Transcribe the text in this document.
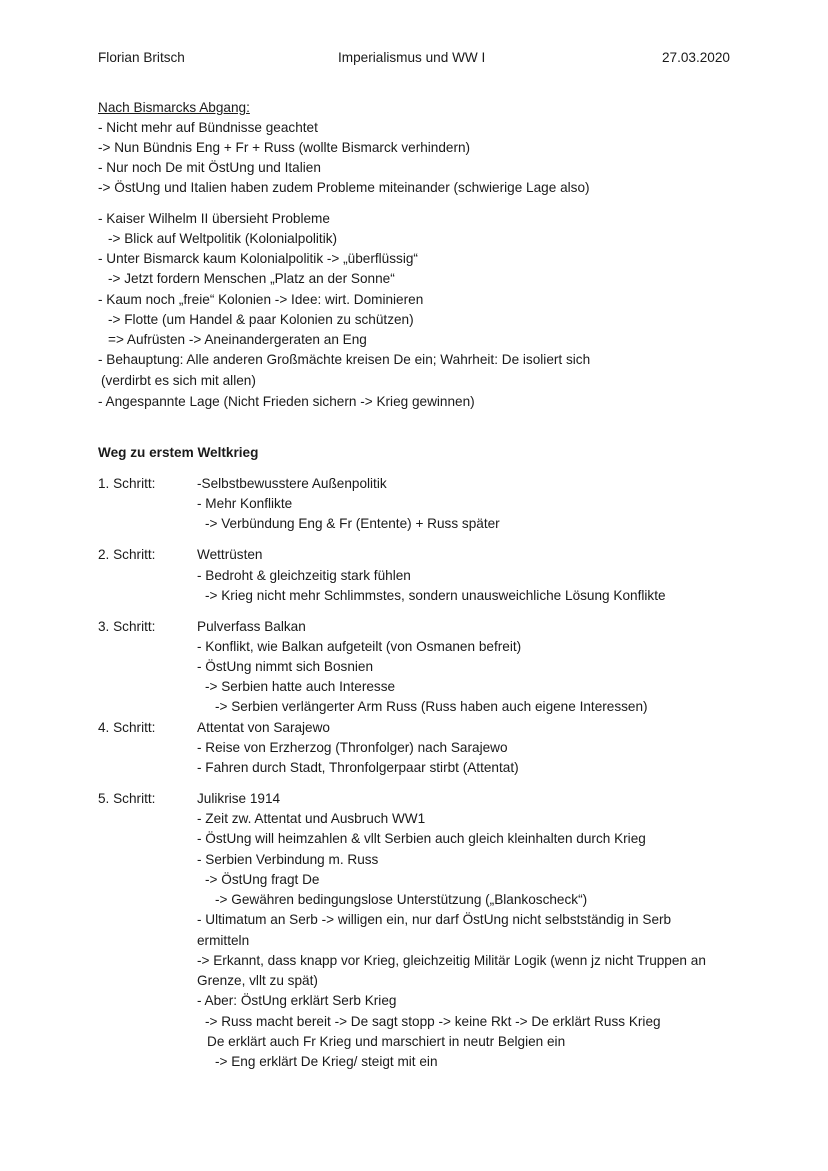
Florian Britsch	Imperialismus und WW I	27.03.2020
Nach Bismarcks Abgang:
- Nicht mehr auf Bündnisse geachtet
-> Nun Bündnis Eng + Fr + Russ (wollte Bismarck verhindern)
- Nur noch De mit ÖstUng und Italien
-> ÖstUng und Italien haben zudem Probleme miteinander (schwierige Lage also)
- Kaiser Wilhelm II übersieht Probleme
-> Blick auf Weltpolitik (Kolonialpolitik)
- Unter Bismarck kaum Kolonialpolitik -> „überflüssig“
-> Jetzt fordern Menschen „Platz an der Sonne“
- Kaum noch „freie“ Kolonien -> Idee: wirt. Dominieren
-> Flotte (um Handel & paar Kolonien zu schützen)
=> Aufrüsten -> Aneinandergeraten an Eng
- Behauptung: Alle anderen Großmächte kreisen De ein; Wahrheit: De isoliert sich
(verdirbt es sich mit allen)
- Angespannte Lage (Nicht Frieden sichern -> Krieg gewinnen)
Weg zu erstem Weltkrieg
1. Schritt:	-Selbstbewusstere Außenpolitik
- Mehr Konflikte
-> Verbündung Eng & Fr (Entente) + Russ später
2. Schritt:	Wettrüsten
- Bedroht & gleichzeitig stark fühlen
-> Krieg nicht mehr Schlimmstes, sondern unausweichliche Lösung Konflikte
3. Schritt:	Pulverfass Balkan
- Konflikt, wie Balkan aufgeteilt (von Osmanen befreit)
- ÖstUng nimmt sich Bosnien
-> Serbien hatte auch Interesse
-> Serbien verlängerter Arm Russ (Russ haben auch eigene Interessen)
4. Schritt:	Attentat von Sarajewo
- Reise von Erzherzog (Thronfolger) nach Sarajewo
- Fahren durch Stadt, Thronfolgerpaar stirbt (Attentat)
5. Schritt:	Julikrise 1914
- Zeit zw. Attentat und Ausbruch WW1
- ÖstUng will heimzahlen & vllt Serbien auch gleich kleinhalten durch Krieg
- Serbien Verbindung m. Russ
-> ÖstUng fragt De
-> Gewähren bedingungslose Unterstützung („Blankoscheck“)
- Ultimatum an Serb -> willigen ein, nur darf ÖstUng nicht selbstständig in Serb
ermitteln
-> Erkannt, dass knapp vor Krieg, gleichzeitig Militär Logik (wenn jz nicht Truppen an
Grenze, vllt zu spät)
- Aber: ÖstUng erklärt Serb Krieg
-> Russ macht bereit -> De sagt stopp -> keine Rkt -> De erklärt Russ Krieg
De erklärt auch Fr Krieg und marschiert in neutr Belgien ein
-> Eng erklärt De Krieg/ steigt mit ein
